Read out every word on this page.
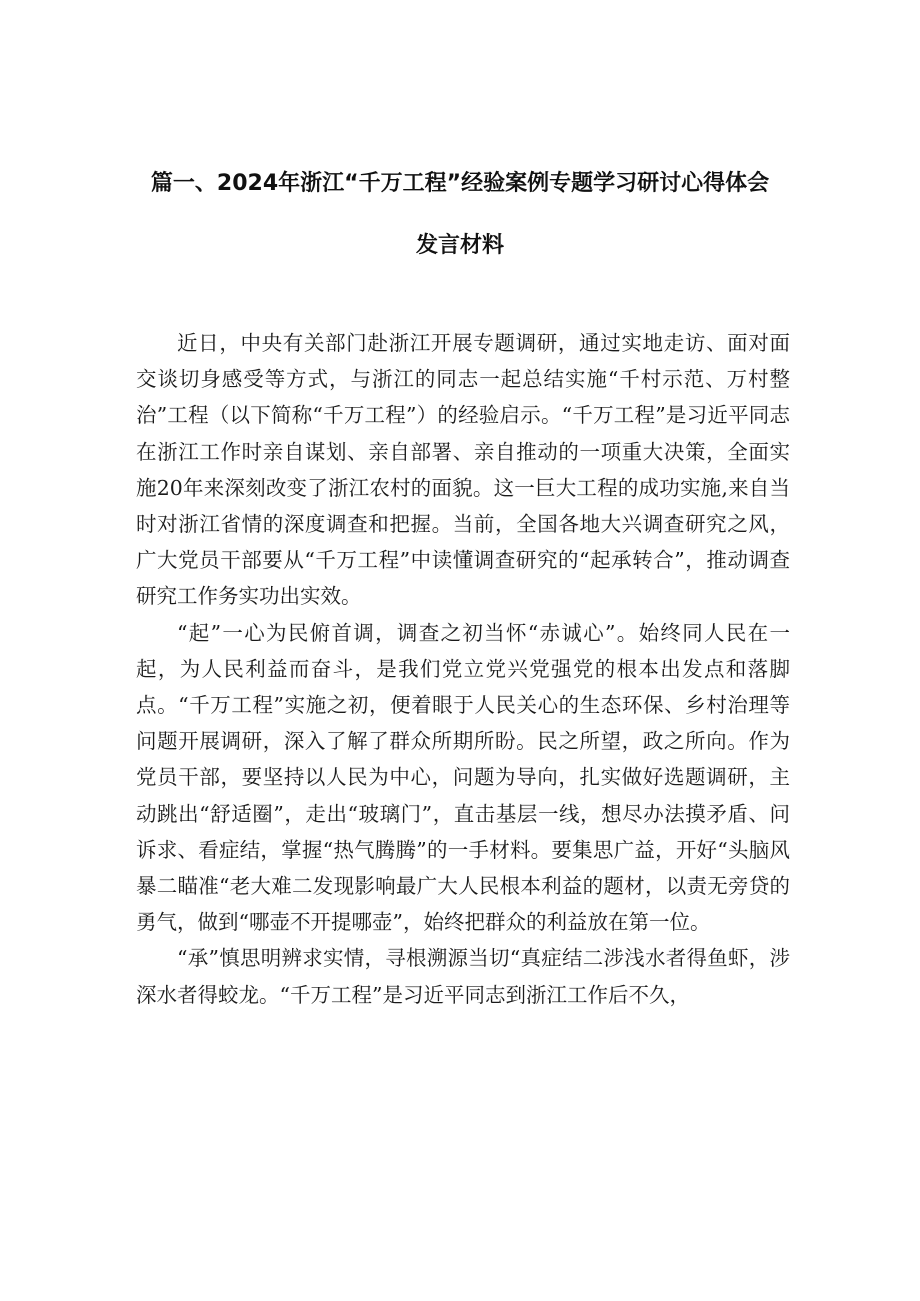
篇一、2024年浙江“千万工程”经验案例专题学习研讨心得体会
发言材料

近日，中央有关部门赴浙江开展专题调研，通过实地走访、面对面交谈切身感受等方式，与浙江的同志一起总结实施“千村示范、万村整治”工程（以下简称“千万工程”）的经验启示。“千万工程”是习近平同志在浙江工作时亲自谋划、亲自部署、亲自推动的一项重大决策，全面实施20年来深刻改变了浙江农村的面貌。这一巨大工程的成功实施,来自当时对浙江省情的深度调查和把握。当前，全国各地大兴调查研究之风，广大党员干部要从“千万工程”中读懂调查研究的“起承转合”，推动调查研究工作务实功出实效。

“起”一心为民俯首调，调查之初当怀“赤诚心”。始终同人民在一起，为人民利益而奋斗，是我们党立党兴党强党的根本出发点和落脚点。“千万工程”实施之初，便着眼于人民关心的生态环保、乡村治理等问题开展调研，深入了解了群众所期所盼。民之所望，政之所向。作为党员干部，要坚持以人民为中心，问题为导向，扎实做好选题调研，主动跳出“舒适圈”，走出“玻璃门”，直击基层一线，想尽办法摸矛盾、问诉求、看症结，掌握“热气腾腾”的一手材料。要集思广益，开好“头脑风暴二瞄准“老大难二发现影响最广大人民根本利益的题材，以责无旁贷的勇气，做到“哪壶不开提哪壶”，始终把群众的利益放在第一位。

“承”慎思明辨求实情，寻根溯源当切“真症结二涉浅水者得鱼虾，涉深水者得蛟龙。“千万工程”是习近平同志到浙江工作后不久，
